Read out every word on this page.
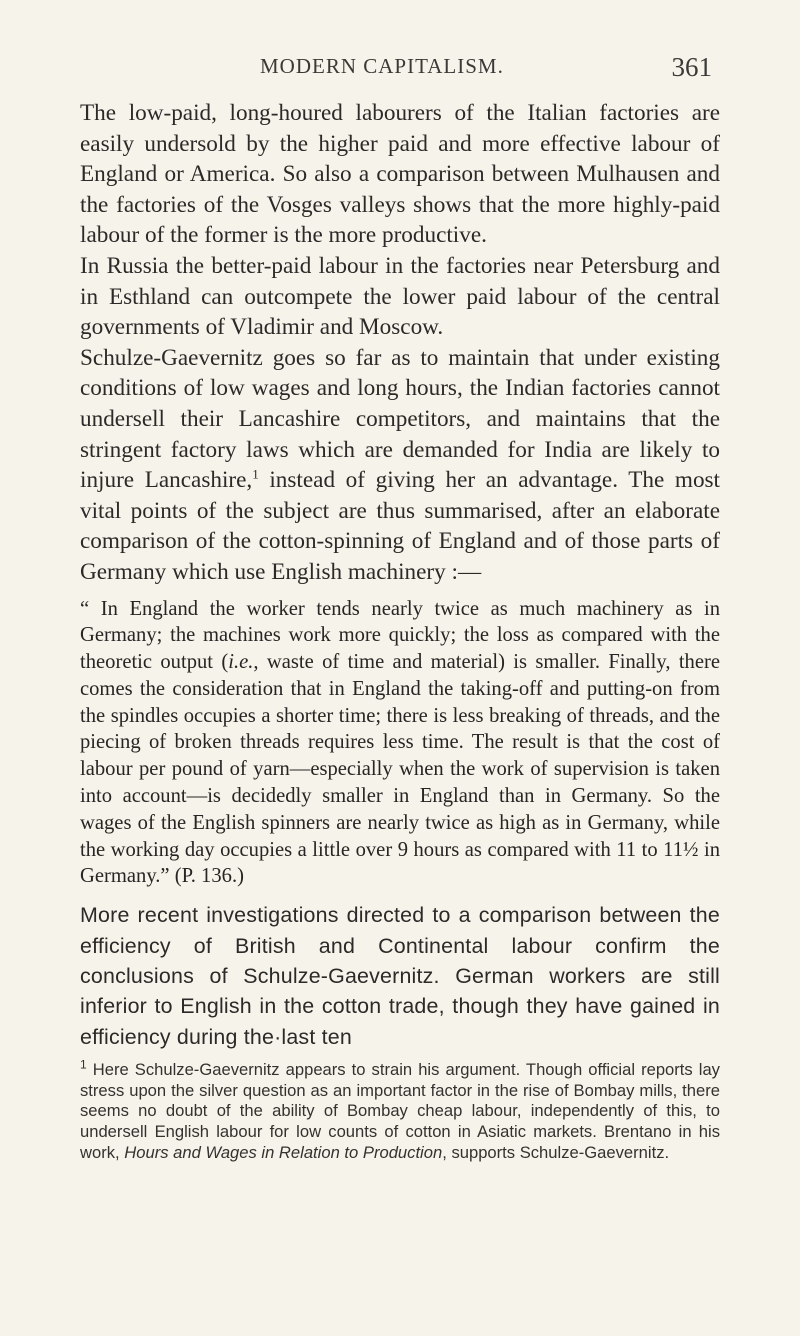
MODERN CAPITALISM.	361

The low-paid, long-houred labourers of the Italian factories are easily undersold by the higher paid and more effective labour of England or America. So also a comparison between Mulhausen and the factories of the Vosges valleys shows that the more highly-paid labour of the former is the more productive.

In Russia the better-paid labour in the factories near Petersburg and in Esthland can outcompete the lower paid labour of the central governments of Vladimir and Moscow.

Schulze-Gaevernitz goes so far as to maintain that under existing conditions of low wages and long hours, the Indian factories cannot undersell their Lancashire competitors, and maintains that the stringent factory laws which are demanded for India are likely to injure Lancashire,$^1$ instead of giving her an advantage. The most vital points of the subject are thus summarised, after an elaborate comparison of the cotton-spinning of England and of those parts of Germany which use English machinery :—

“ In England the worker tends nearly twice as much machinery as in Germany; the machines work more quickly; the loss as compared with the theoretic output (i.e., waste of time and material) is smaller. Finally, there comes the consideration that in England the taking-off and putting-on from the spindles occupies a shorter time; there is less breaking of threads, and the piecing of broken threads requires less time. The result is that the cost of labour per pound of yarn—especially when the work of supervision is taken into account—is decidedly smaller in England than in Germany. So the wages of the English spinners are nearly twice as high as in Germany, while the working day occupies a little over 9 hours as compared with 11 to 11½ in Germany.” (P. 136.)

More recent investigations directed to a comparison between the efficiency of British and Continental labour confirm the conclusions of Schulze-Gaevernitz. German workers are still inferior to English in the cotton trade, though they have gained in efficiency during the·last ten

$^1$ Here Schulze-Gaevernitz appears to strain his argument. Though official reports lay stress upon the silver question as an important factor in the rise of Bombay mills, there seems no doubt of the ability of Bombay cheap labour, independently of this, to undersell English labour for low counts of cotton in Asiatic markets. Brentano in his work, Hours and Wages in Relation to Production, supports Schulze-Gaevernitz.
